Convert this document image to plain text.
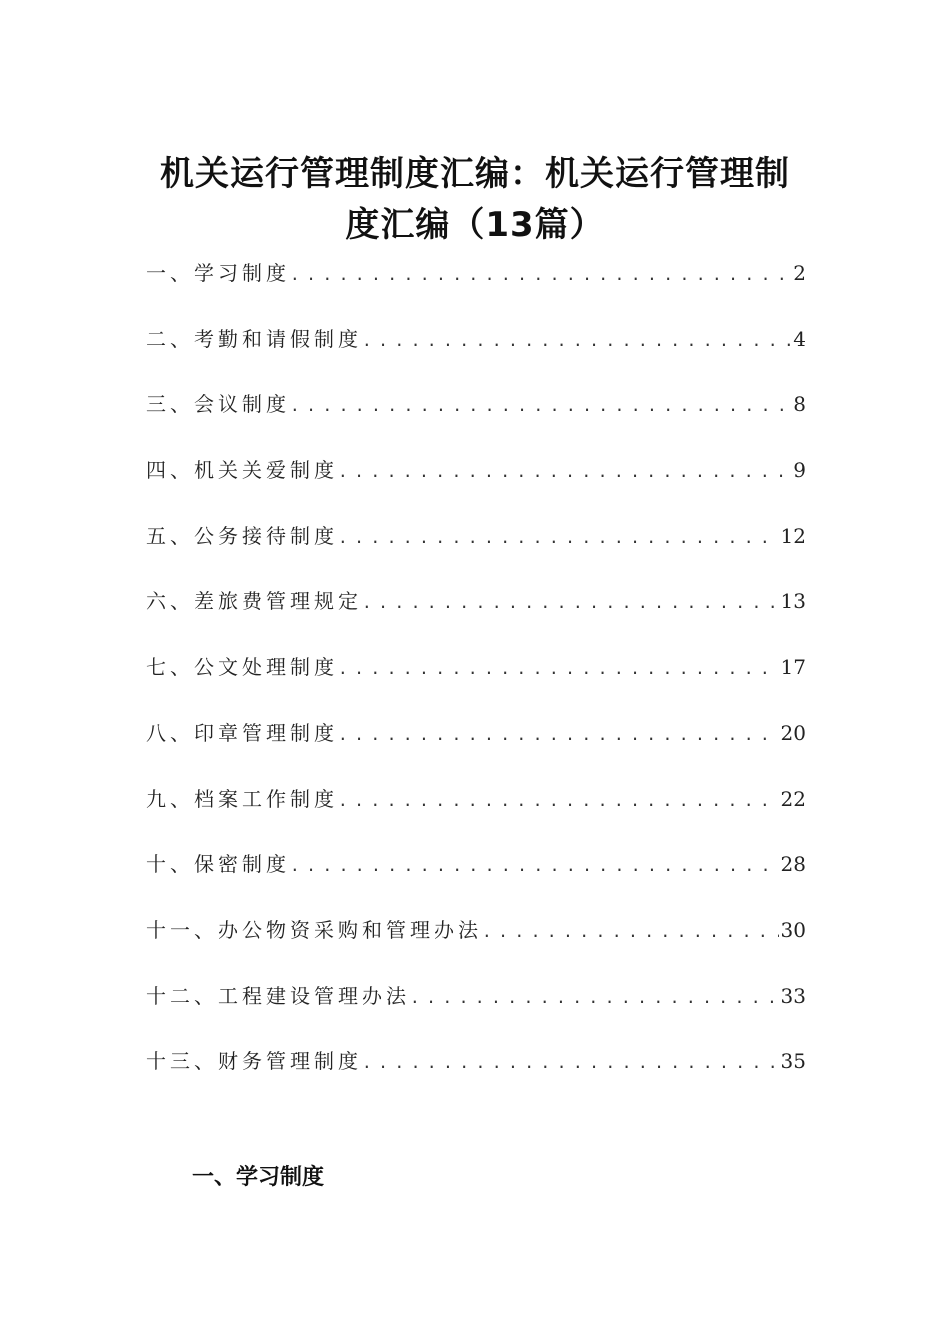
机关运行管理制度汇编：机关运行管理制
度汇编（13篇）
一、学习制度 .....	2
二、考勤和请假制度 .....	4
三、会议制度 .....	8
四、机关关爱制度 .....	9
五、公务接待制度 .....	12
六、差旅费管理规定 .....	13
七、公文处理制度 .....	17
八、印章管理制度 .....	20
九、档案工作制度 .....	22
十、保密制度 .....	28
十一、办公物资采购和管理办法 .....	30
十二、工程建设管理办法 .....	33
十三、财务管理制度 .....	35
一、学习制度
